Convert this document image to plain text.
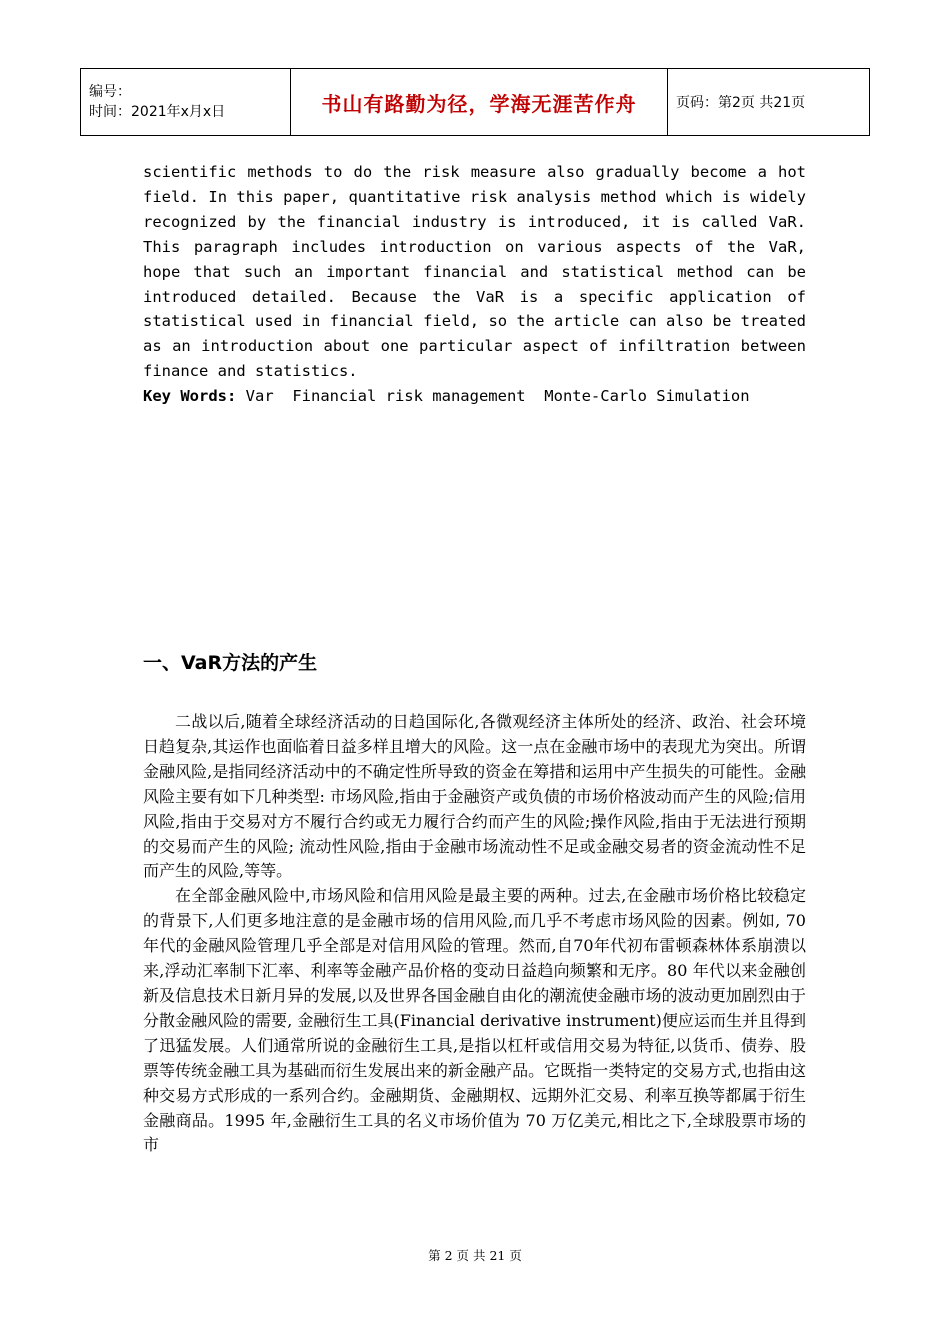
编号：
时间：2021年x月x日	书山有路勤为径，学海无涯苦作舟	页码：第2页 共21页
scientific methods to do the risk measure also gradually become a hot field. In this paper, quantitative risk analysis method which is widely recognized by the financial industry is introduced, it is called VaR. This paragraph includes introduction on various aspects of the VaR, hope that such an important financial and statistical method can be introduced detailed. Because the VaR is a specific application of statistical used in financial field, so the article can also be treated as an introduction about one particular aspect of infiltration between finance and statistics.
Key Words: Var  Financial risk management  Monte-Carlo Simulation
一、VaR方法的产生

二战以后,随着全球经济活动的日趋国际化,各微观经济主体所处的经济、政治、社会环境日趋复杂,其运作也面临着日益多样且增大的风险。这一点在金融市场中的表现尤为突出。所谓金融风险,是指同经济活动中的不确定性所导致的资金在筹措和运用中产生损失的可能性。金融风险主要有如下几种类型: 市场风险,指由于金融资产或负债的市场价格波动而产生的风险;信用风险,指由于交易对方不履行合约或无力履行合约而产生的风险;操作风险,指由于无法进行预期的交易而产生的风险; 流动性风险,指由于金融市场流动性不足或金融交易者的资金流动性不足而产生的风险,等等。

在全部金融风险中,市场风险和信用风险是最主要的两种。过去,在金融市场价格比较稳定的背景下,人们更多地注意的是金融市场的信用风险,而几乎不考虑市场风险的因素。例如, 70 年代的金融风险管理几乎全部是对信用风险的管理。然而,自70年代初布雷顿森林体系崩溃以来,浮动汇率制下汇率、利率等金融产品价格的变动日益趋向频繁和无序。80 年代以来金融创新及信息技术日新月异的发展,以及世界各国金融自由化的潮流使金融市场的波动更加剧烈由于分散金融风险的需要, 金融衍生工具(Financial derivative instrument)便应运而生并且得到了迅猛发展。人们通常所说的金融衍生工具,是指以杠杆或信用交易为特征,以货币、债券、股票等传统金融工具为基础而衍生发展出来的新金融产品。它既指一类特定的交易方式,也指由这种交易方式形成的一系列合约。金融期货、金融期权、远期外汇交易、利率互换等都属于衍生金融商品。1995 年,金融衍生工具的名义市场价值为 70 万亿美元,相比之下,全球股票市场的市

第 2 页 共 21 页
